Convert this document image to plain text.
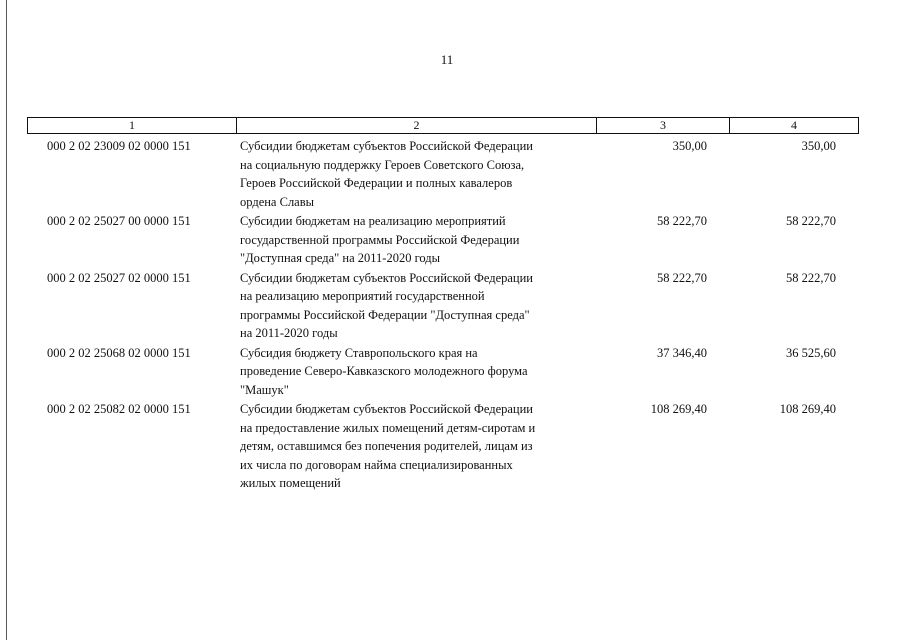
11
1	2	3	4
000 2 02 23009 02 0000 151	Субсидии бюджетам субъектов Российской Федерации
на социальную поддержку Героев Советского Союза,
Героев Российской Федерации и полных кавалеров
ордена Славы
350,00	350,00
000 2 02 25027 00 0000 151	Субсидии бюджетам на реализацию мероприятий
государственной программы Российской Федерации
"Доступная среда" на 2011-2020 годы
58 222,70	58 222,70
000 2 02 25027 02 0000 151	Субсидии бюджетам субъектов Российской Федерации
на реализацию мероприятий государственной
программы Российской Федерации "Доступная среда"
на 2011-2020 годы
58 222,70	58 222,70
000 2 02 25068 02 0000 151	Субсидия бюджету Ставропольского края на
проведение Северо-Кавказского молодежного форума
"Машук"
37 346,40	36 525,60
000 2 02 25082 02 0000 151	Субсидии бюджетам субъектов Российской Федерации
на предоставление жилых помещений детям-сиротам и
детям, оставшимся без попечения родителей, лицам из
их числа по договорам найма специализированных
жилых помещений
108 269,40	108 269,40
